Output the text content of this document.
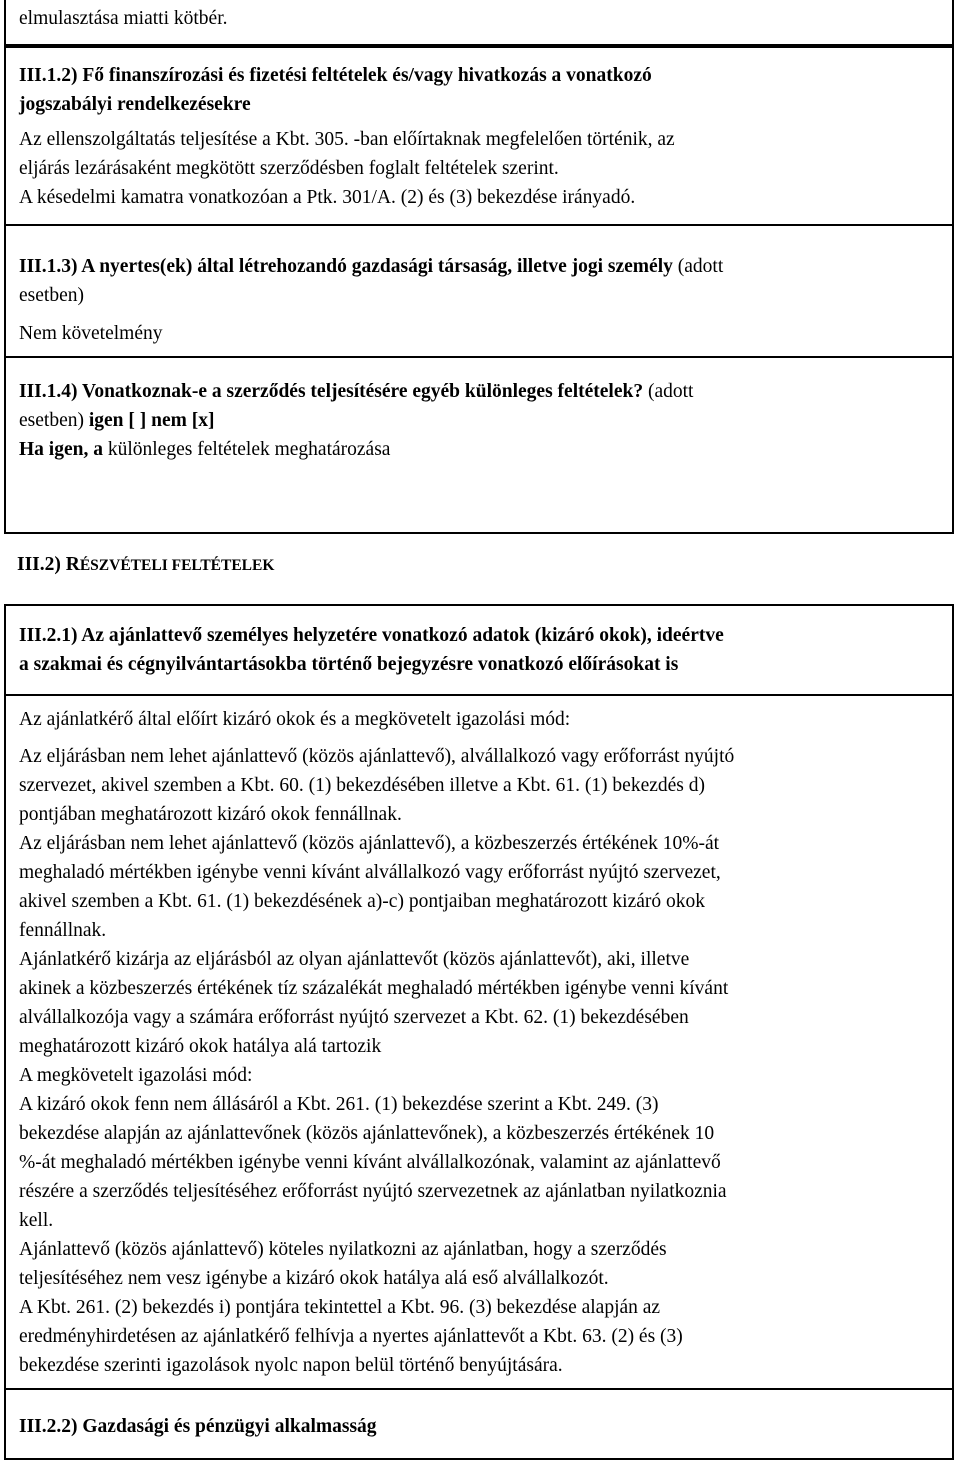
elmulasztása miatti kötbér.
III.1.2) Fő finanszírozási és fizetési feltételek és/vagy hivatkozás a vonatkozó
jogszabályi rendelkezésekre
Az ellenszolgáltatás teljesítése a Kbt. 305. -ban előírtaknak megfelelően történik, az
eljárás lezárásaként megkötött szerződésben foglalt feltételek szerint.
A késedelmi kamatra vonatkozóan a Ptk. 301/A. (2) és (3) bekezdése irányadó.
III.1.3) A nyertes(ek) által létrehozandó gazdasági társaság, illetve jogi személy (adott
esetben)
Nem követelmény
III.1.4) Vonatkoznak-e a szerződés teljesítésére egyéb különleges feltételek? (adott
esetben) igen [ ] nem [x]
Ha igen, a különleges feltételek meghatározása
III.2) RÉSZVÉTELI FELTÉTELEK
III.2.1) Az ajánlattevő személyes helyzetére vonatkozó adatok (kizáró okok), ideértve
a szakmai és cégnyilvántartásokba történő bejegyzésre vonatkozó előírásokat is
Az ajánlatkérő által előírt kizáró okok és a megkövetelt igazolási mód:
Az eljárásban nem lehet ajánlattevő (közös ajánlattevő), alvállalkozó vagy erőforrást nyújtó
szervezet, akivel szemben a Kbt. 60. (1) bekezdésében illetve a Kbt. 61. (1) bekezdés d)
pontjában meghatározott kizáró okok fennállnak.
Az eljárásban nem lehet ajánlattevő (közös ajánlattevő), a közbeszerzés értékének 10%-át
meghaladó mértékben igénybe venni kívánt alvállalkozó vagy erőforrást nyújtó szervezet,
akivel szemben a Kbt. 61. (1) bekezdésének a)-c) pontjaiban meghatározott kizáró okok
fennállnak.
Ajánlatkérő kizárja az eljárásból az olyan ajánlattevőt (közös ajánlattevőt), aki, illetve
akinek a közbeszerzés értékének tíz százalékát meghaladó mértékben igénybe venni kívánt
alvállalkozója vagy a számára erőforrást nyújtó szervezet a Kbt. 62. (1) bekezdésében
meghatározott kizáró okok hatálya alá tartozik
A megkövetelt igazolási mód:
A kizáró okok fenn nem állásáról a Kbt. 261. (1) bekezdése szerint a Kbt. 249. (3)
bekezdése alapján az ajánlattevőnek (közös ajánlattevőnek), a közbeszerzés értékének 10
%-át meghaladó mértékben igénybe venni kívánt alvállalkozónak, valamint az ajánlattevő
részére a szerződés teljesítéséhez erőforrást nyújtó szervezetnek az ajánlatban nyilatkoznia
kell.
Ajánlattevő (közös ajánlattevő) köteles nyilatkozni az ajánlatban, hogy a szerződés
teljesítéséhez nem vesz igénybe a kizáró okok hatálya alá eső alvállalkozót.
A Kbt. 261. (2) bekezdés i) pontjára tekintettel a Kbt. 96. (3) bekezdése alapján az
eredményhirdetésen az ajánlatkérő felhívja a nyertes ajánlattevőt a Kbt. 63. (2) és (3)
bekezdése szerinti igazolások nyolc napon belül történő benyújtására.
III.2.2) Gazdasági és pénzügyi alkalmasság
